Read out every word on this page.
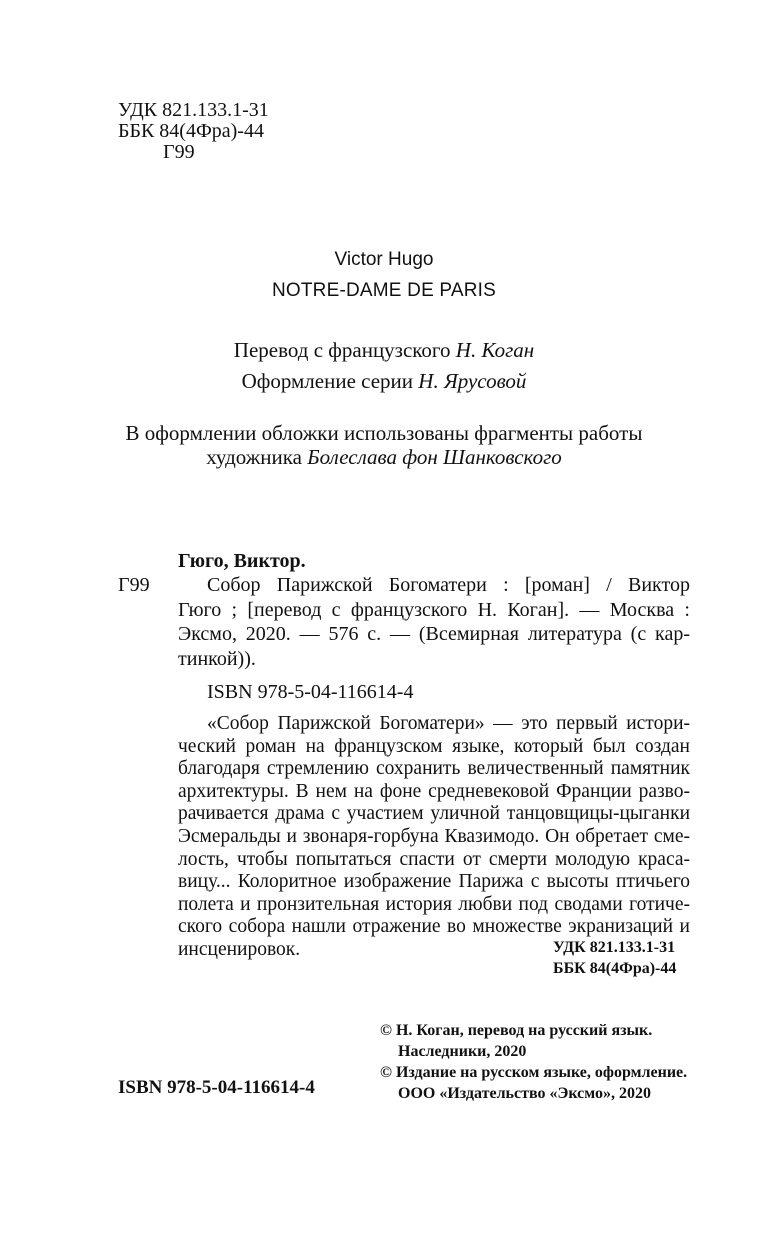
УДК 821.133.1-31
ББК 84(4Фра)-44
Г99
Victor Hugo
NOTRE-DAME DE PARIS
Перевод с французского Н. Коган
Оформление серии Н. Ярусовой
В оформлении обложки использованы фрагменты работы
художника Болеслава фон Шанковского
Гюго, Виктор.
Г99	Собор Парижской Богоматери : [роман] / Виктор
Гюго ; [перевод с французского Н. Коган]. — Москва :
Эксмо, 2020. — 576 с. — (Всемирная литература (с кар-
тинкой)).
ISBN 978-5-04-116614-4
«Собор Парижской Богоматери» — это первый истори-
ческий роман на французском языке, который был создан
благодаря стремлению сохранить величественный памятник
архитектуры. В нем на фоне средневековой Франции разво-
рачивается драма с участием уличной танцовщицы-цыганки
Эсмеральды и звонаря-горбуна Квазимодо. Он обретает сме-
лость, чтобы попытаться спасти от смерти молодую краса-
вицу... Колоритное изображение Парижа с высоты птичьего
полета и пронзительная история любви под сводами готиче-
ского собора нашли отражение во множестве экранизаций и
инсценировок.	УДК 821.133.1-31
ББК 84(4Фра)-44
© Н. Коган, перевод на русский язык.
Наследники, 2020
© Издание на русском языке, оформление.
ООО «Издательство «Эксмо», 2020
ISBN 978-5-04-116614-4
